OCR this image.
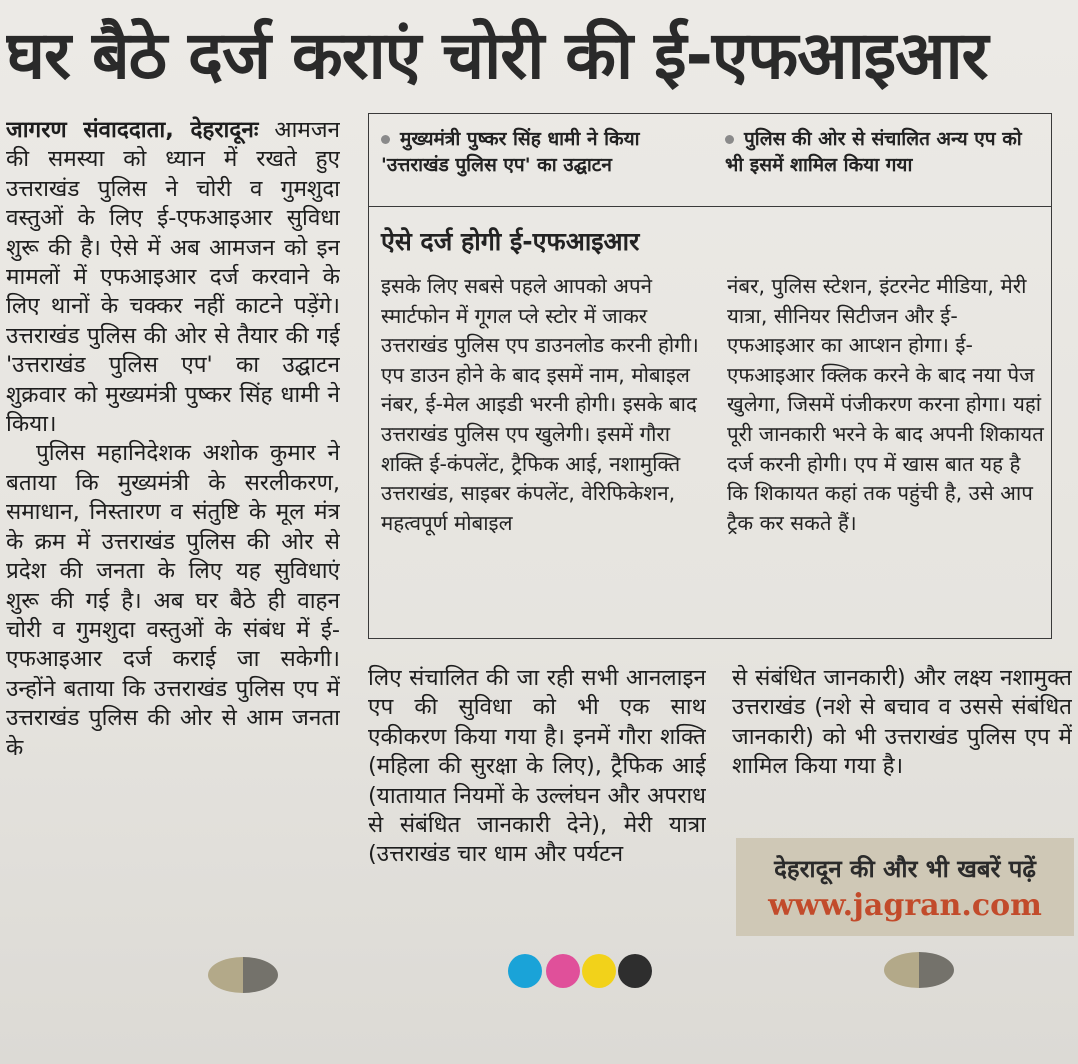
घर बैठे दर्ज कराएं चोरी की ई-एफआइआर

जागरण संवाददाता, देहरादूनः आमजन की समस्या को ध्यान में रखते हुए उत्तराखंड पुलिस ने चोरी व गुमशुदा वस्तुओं के लिए ई-एफआइआर सुविधा शुरू की है। ऐसे में अब आमजन को इन मामलों में एफआइआर दर्ज करवाने के लिए थानों के चक्कर नहीं काटने पड़ेंगे। उत्तराखंड पुलिस की ओर से तैयार की गई 'उत्तराखंड पुलिस एप' का उद्घाटन शुक्रवार को मुख्यमंत्री पुष्कर सिंह धामी ने किया।

पुलिस महानिदेशक अशोक कुमार ने बताया कि मुख्यमंत्री के सरलीकरण, समाधान, निस्तारण व संतुष्टि के मूल मंत्र के क्रम में उत्तराखंड पुलिस की ओर से प्रदेश की जनता के लिए यह सुविधाएं शुरू की गई है। अब घर बैठे ही वाहन चोरी व गुमशुदा वस्तुओं के संबंध में ई-एफआइआर दर्ज कराई जा सकेगी। उन्होंने बताया कि उत्तराखंड पुलिस एप में उत्तराखंड पुलिस की ओर से आम जनता के

मुख्यमंत्री पुष्कर सिंह धामी ने किया 'उत्तराखंड पुलिस एप' का उद्घाटन
पुलिस की ओर से संचालित अन्य एप को भी इसमें शामिल किया गया
ऐसे दर्ज होगी ई-एफआइआर
इसके लिए सबसे पहले आपको अपने स्मार्टफोन में गूगल प्ले स्टोर में जाकर उत्तराखंड पुलिस एप डाउनलोड करनी होगी। एप डाउन होने के बाद इसमें नाम, मोबाइल नंबर, ई-मेल आइडी भरनी होगी। इसके बाद उत्तराखंड पुलिस एप खुलेगी। इसमें गौरा शक्ति ई-कंपलेंट, ट्रैफिक आई, नशामुक्ति उत्तराखंड, साइबर कंपलेंट, वेरिफिकेशन, महत्वपूर्ण मोबाइल
नंबर, पुलिस स्टेशन, इंटरनेट मीडिया, मेरी यात्रा, सीनियर सिटीजन और ई-एफआइआर का आप्शन होगा। ई-एफआइआर क्लिक करने के बाद नया पेज खुलेगा, जिसमें पंजीकरण करना होगा। यहां पूरी जानकारी भरने के बाद अपनी शिकायत दर्ज करनी होगी। एप में खास बात यह है कि शिकायत कहां तक पहुंची है, उसे आप ट्रैक कर सकते हैं।
लिए संचालित की जा रही सभी आनलाइन एप की सुविधा को भी एक साथ एकीकरण किया गया है। इनमें गौरा शक्ति (महिला की सुरक्षा के लिए), ट्रैफिक आई (यातायात नियमों के उल्लंघन और अपराध से संबंधित जानकारी देने), मेरी यात्रा (उत्तराखंड चार धाम और पर्यटन
से संबंधित जानकारी) और लक्ष्य नशामुक्त उत्तराखंड (नशे से बचाव व उससे संबंधित जानकारी) को भी उत्तराखंड पुलिस एप में शामिल किया गया है।
देहरादून की और भी खबरें पढ़ें
www.jagran.com
